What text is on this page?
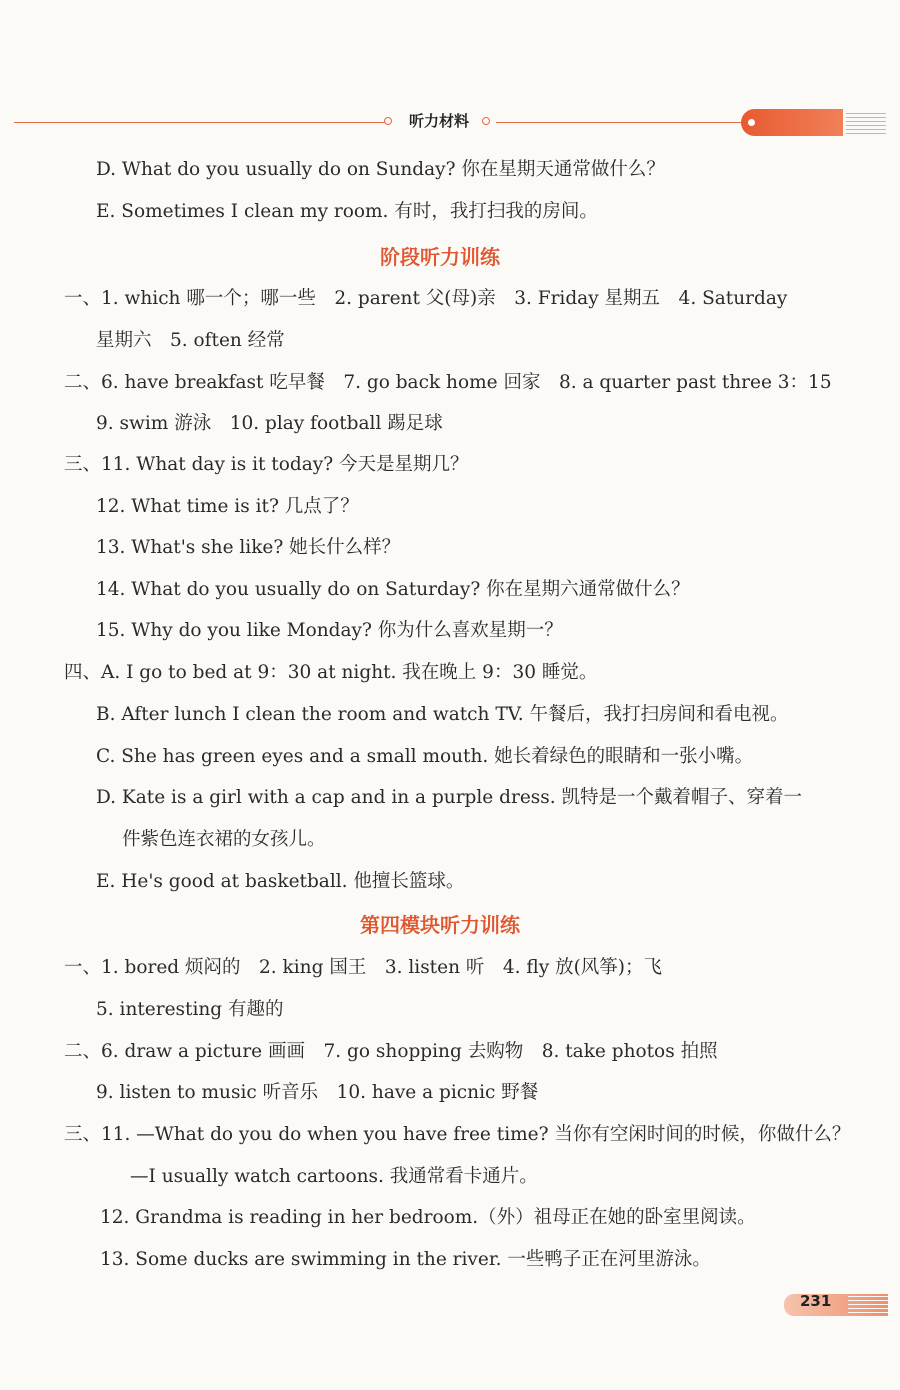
听力材料
D. What do you usually do on Sunday? 你在星期天通常做什么？
E. Sometimes I clean my room. 有时，我打扫我的房间。
阶段听力训练
一、1. which 哪一个；哪一些　2. parent 父(母)亲　3. Friday 星期五　4. Saturday
星期六　5. often 经常
二、6. have breakfast 吃早餐　7. go back home 回家　8. a quarter past three 3：15
9. swim 游泳　10. play football 踢足球
三、11. What day is it today? 今天是星期几？
12. What time is it? 几点了？
13. What's she like? 她长什么样？
14. What do you usually do on Saturday? 你在星期六通常做什么？
15. Why do you like Monday? 你为什么喜欢星期一？
四、A. I go to bed at 9：30 at night. 我在晚上 9：30 睡觉。
B. After lunch I clean the room and watch TV. 午餐后，我打扫房间和看电视。
C. She has green eyes and a small mouth. 她长着绿色的眼睛和一张小嘴。
D. Kate is a girl with a cap and in a purple dress. 凯特是一个戴着帽子、穿着一
件紫色连衣裙的女孩儿。
E. He's good at basketball. 他擅长篮球。
第四模块听力训练
一、1. bored 烦闷的　2. king 国王　3. listen 听　4. fly 放(风筝)；飞
5. interesting 有趣的
二、6. draw a picture 画画　7. go shopping 去购物　8. take photos 拍照
9. listen to music 听音乐　10. have a picnic 野餐
三、11. —What do you do when you have free time? 当你有空闲时间的时候，你做什么？
—I usually watch cartoons. 我通常看卡通片。
12. Grandma is reading in her bedroom.（外）祖母正在她的卧室里阅读。
13. Some ducks are swimming in the river. 一些鸭子正在河里游泳。
231
